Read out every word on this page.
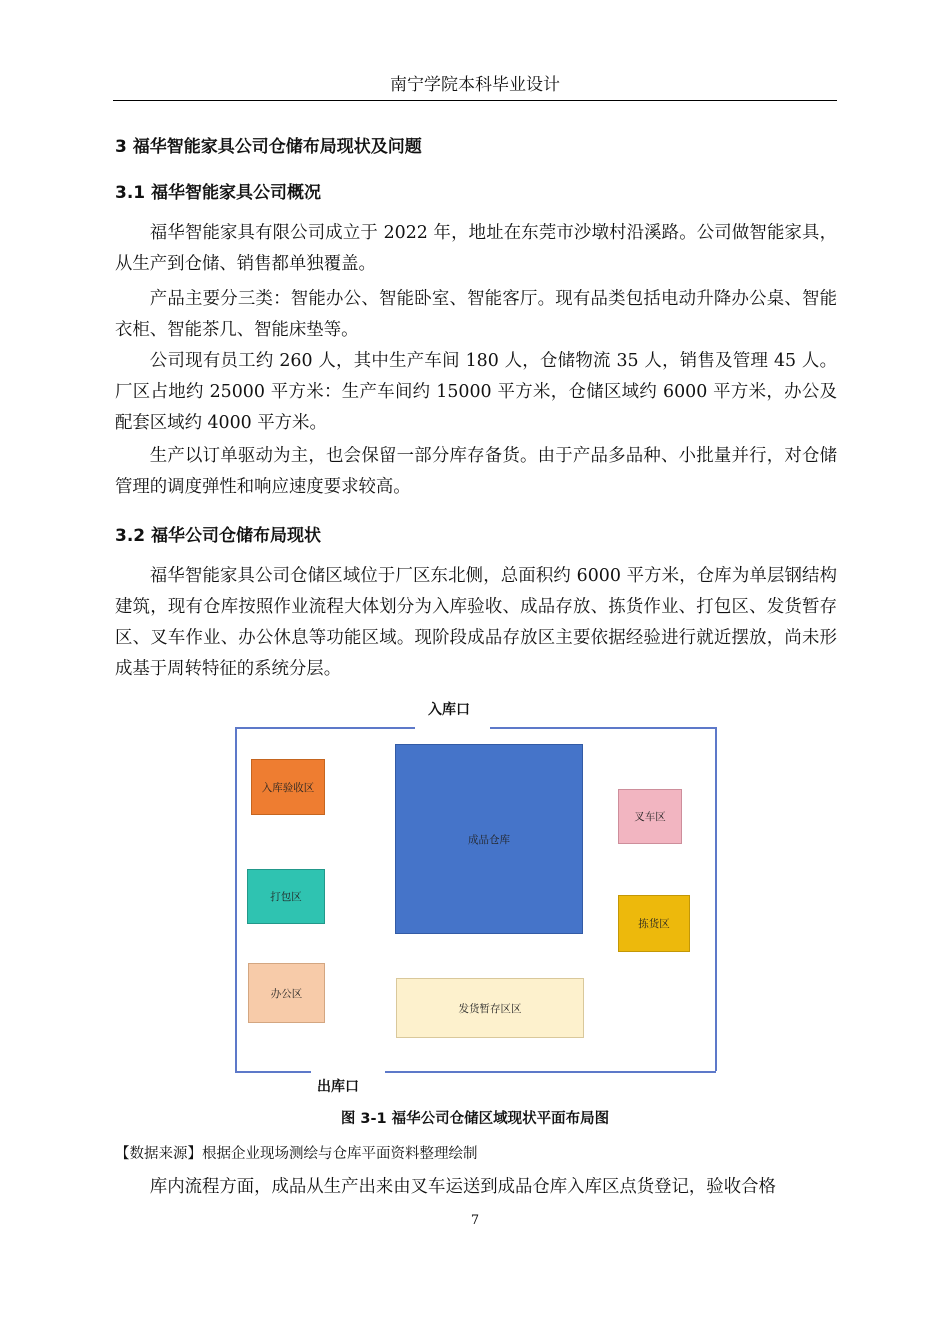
南宁学院本科毕业设计
3 福华智能家具公司仓储布局现状及问题
3.1 福华智能家具公司概况

福华智能家具有限公司成立于 2022 年，地址在东莞市沙墩村沿溪路。公司做智能家具，从生产到仓储、销售都单独覆盖。

产品主要分三类：智能办公、智能卧室、智能客厅。现有品类包括电动升降办公桌、智能衣柜、智能茶几、智能床垫等。

公司现有员工约 260 人，其中生产车间 180 人，仓储物流 35 人，销售及管理 45 人。厂区占地约 25000 平方米：生产车间约 15000 平方米，仓储区域约 6000 平方米，办公及配套区域约 4000 平方米。

生产以订单驱动为主，也会保留一部分库存备货。由于产品多品种、小批量并行，对仓储管理的调度弹性和响应速度要求较高。

3.2 福华公司仓储布局现状

福华智能家具公司仓储区域位于厂区东北侧，总面积约 6000 平方米，仓库为单层钢结构建筑，现有仓库按照作业流程大体划分为入库验收、成品存放、拣货作业、打包区、发货暂存区、叉车作业、办公休息等功能区域。现阶段成品存放区主要依据经验进行就近摆放，尚未形成基于周转特征的系统分层。

入库口
出库口
入库验收区
打包区
办公区
成品仓库
叉车区
拣货区
发货暂存区区
图 3-1 福华公司仓储区域现状平面布局图
【数据来源】根据企业现场测绘与仓库平面资料整理绘制

库内流程方面，成品从生产出来由叉车运送到成品仓库入库区点货登记，验收合格

7
